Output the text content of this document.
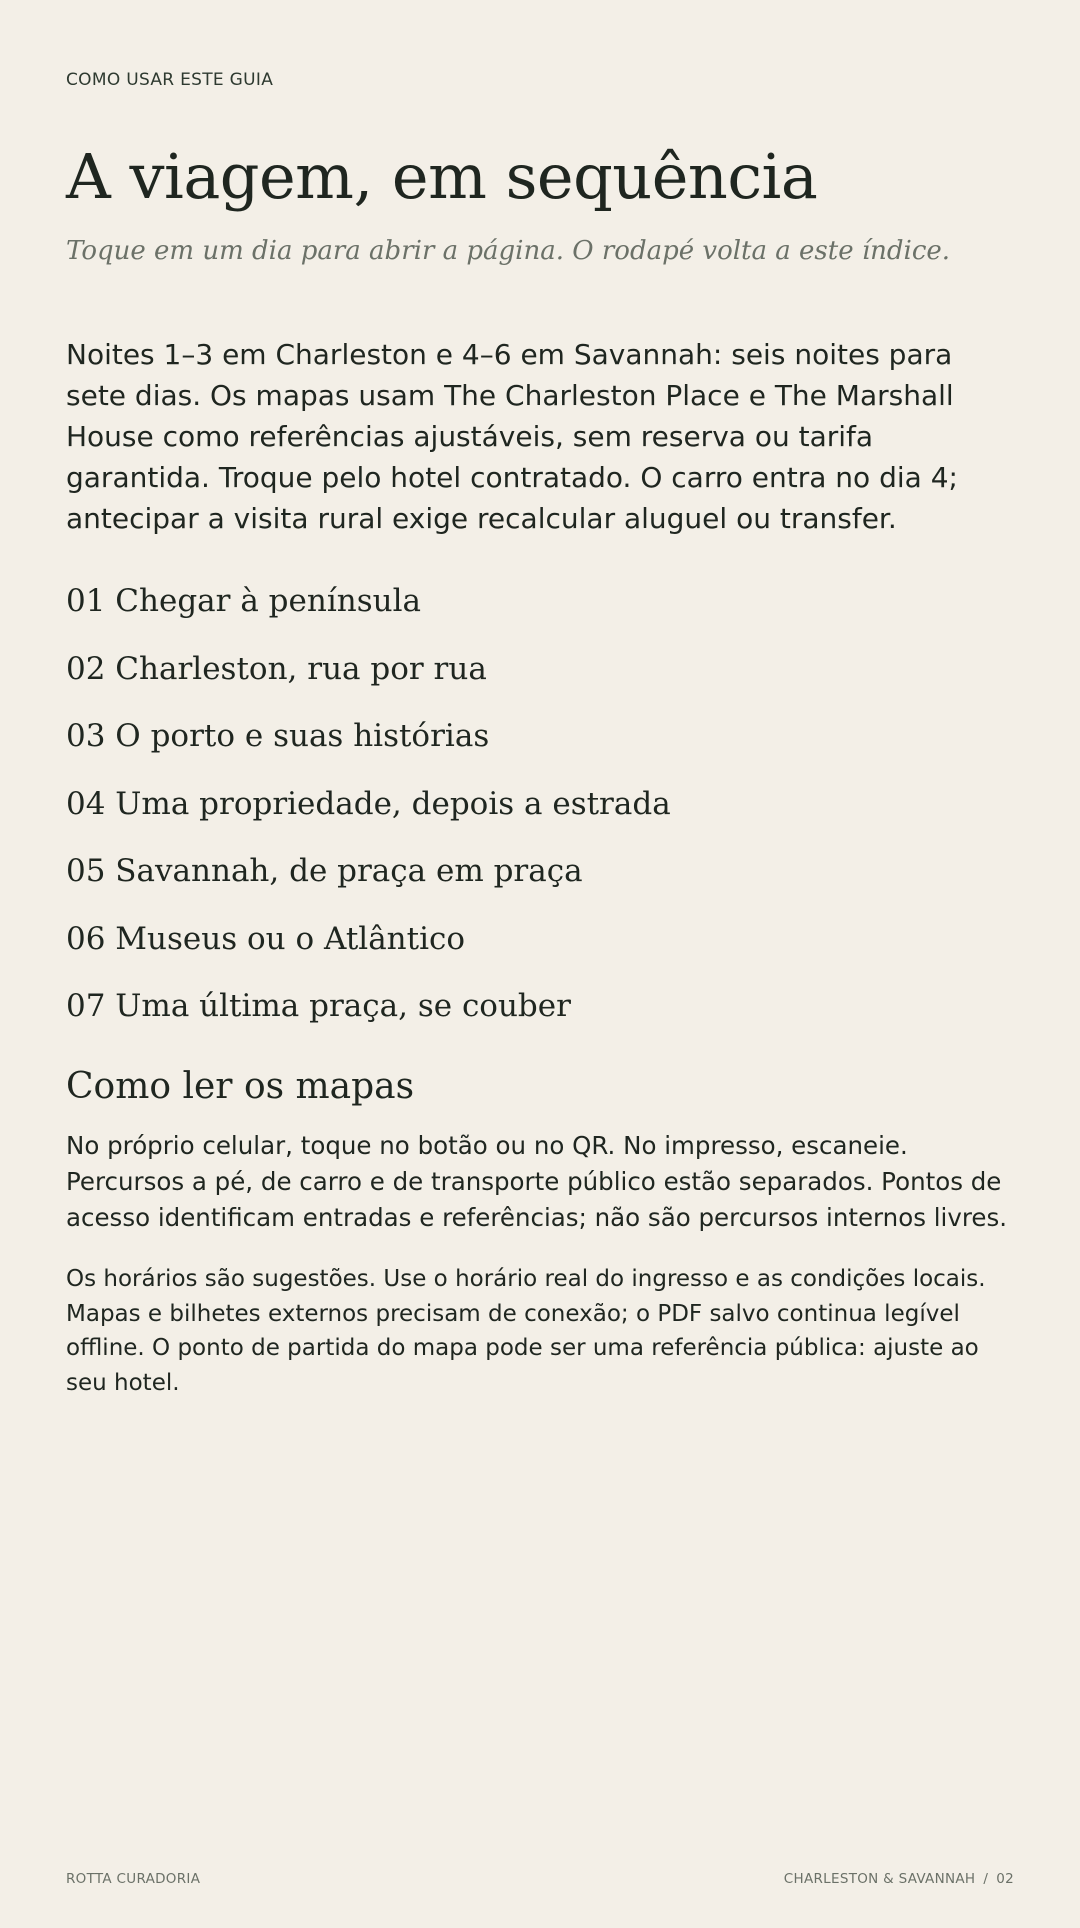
COMO USAR ESTE GUIA
A viagem, em sequência

Toque em um dia para abrir a página. O rodapé volta a este índice.

Noites 1–3 em Charleston e 4–6 em Savannah: seis noites para sete dias. Os mapas usam The Charleston Place e The Marshall House como referências ajustáveis, sem reserva ou tarifa garantida. Troque pelo hotel contratado. O carro entra no dia 4; antecipar a visita rural exige recalcular aluguel ou transfer.

01 Chegar à península
02 Charleston, rua por rua
03 O porto e suas histórias
04 Uma propriedade, depois a estrada
05 Savannah, de praça em praça
06 Museus ou o Atlântico
07 Uma última praça, se couber
Como ler os mapas

No próprio celular, toque no botão ou no QR. No impresso, escaneie. Percursos a pé, de carro e de transporte público estão separados. Pontos de acesso identificam entradas e referências; não são percursos internos livres.

Os horários são sugestões. Use o horário real do ingresso e as condições locais. Mapas e bilhetes externos precisam de conexão; o PDF salvo continua legível offline. O ponto de partida do mapa pode ser uma referência pública: ajuste ao seu hotel.

ROTTA CURADORIA	CHARLESTON & SAVANNAH / 02
